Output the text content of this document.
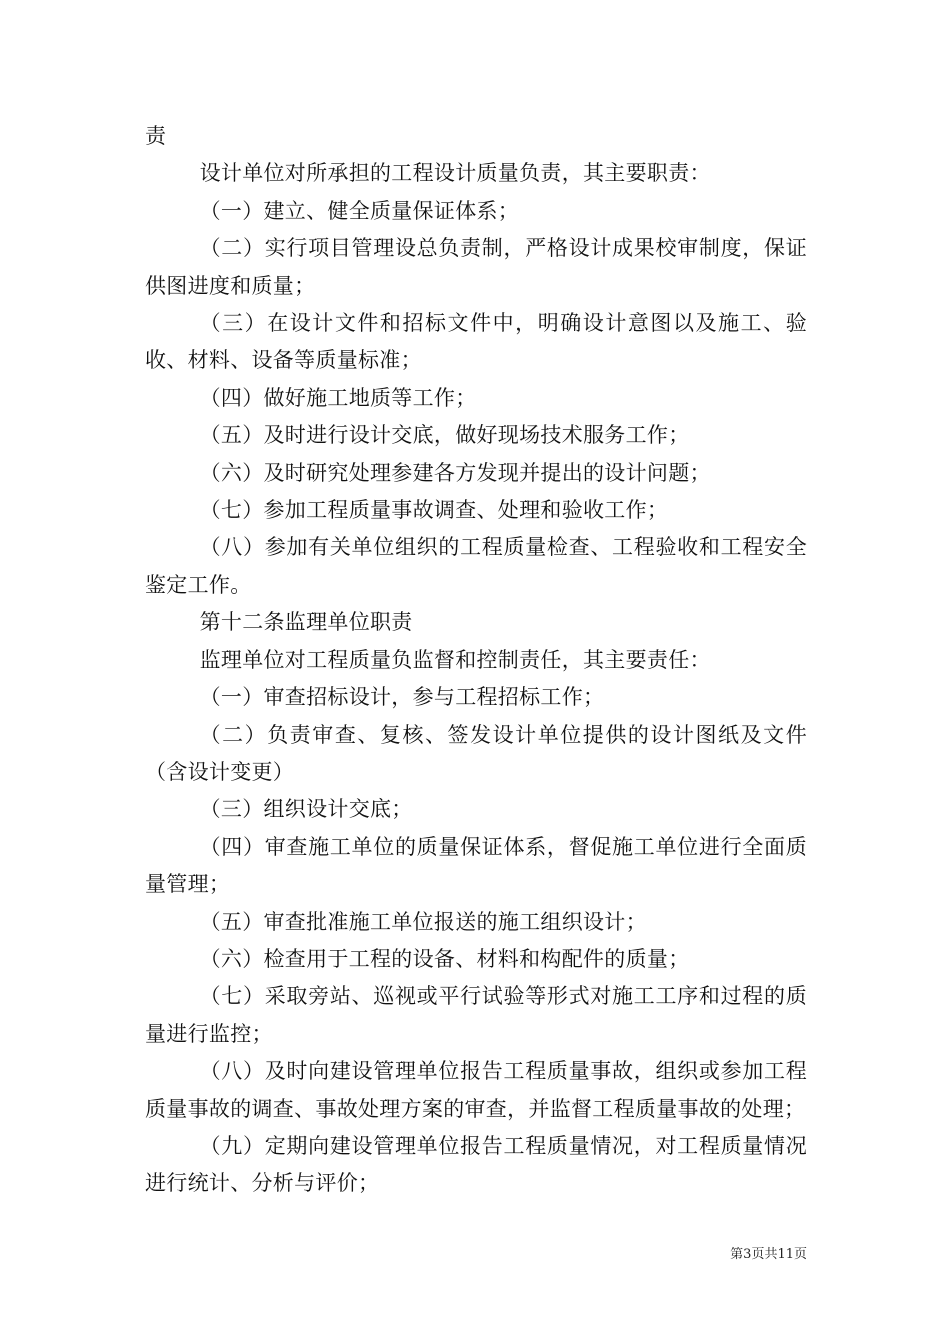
责

设计单位对所承担的工程设计质量负责，其主要职责：

（一）建立、健全质量保证体系；

（二）实行项目管理设总负责制，严格设计成果校审制度，保证供图进度和质量；

（三）在设计文件和招标文件中，明确设计意图以及施工、验收、材料、设备等质量标准；

（四）做好施工地质等工作；

（五）及时进行设计交底，做好现场技术服务工作；

（六）及时研究处理参建各方发现并提出的设计问题；

（七）参加工程质量事故调查、处理和验收工作；

（八）参加有关单位组织的工程质量检查、工程验收和工程安全鉴定工作。

第十二条监理单位职责

监理单位对工程质量负监督和控制责任，其主要责任：

（一）审查招标设计，参与工程招标工作；

（二）负责审查、复核、签发设计单位提供的设计图纸及文件（含设计变更）

（三）组织设计交底；

（四）审查施工单位的质量保证体系，督促施工单位进行全面质量管理；

（五）审查批准施工单位报送的施工组织设计；

（六）检查用于工程的设备、材料和构配件的质量；

（七）采取旁站、巡视或平行试验等形式对施工工序和过程的质量进行监控；

（八）及时向建设管理单位报告工程质量事故，组织或参加工程质量事故的调查、事故处理方案的审查，并监督工程质量事故的处理；

（九）定期向建设管理单位报告工程质量情况，对工程质量情况进行统计、分析与评价；

第3页共11页
